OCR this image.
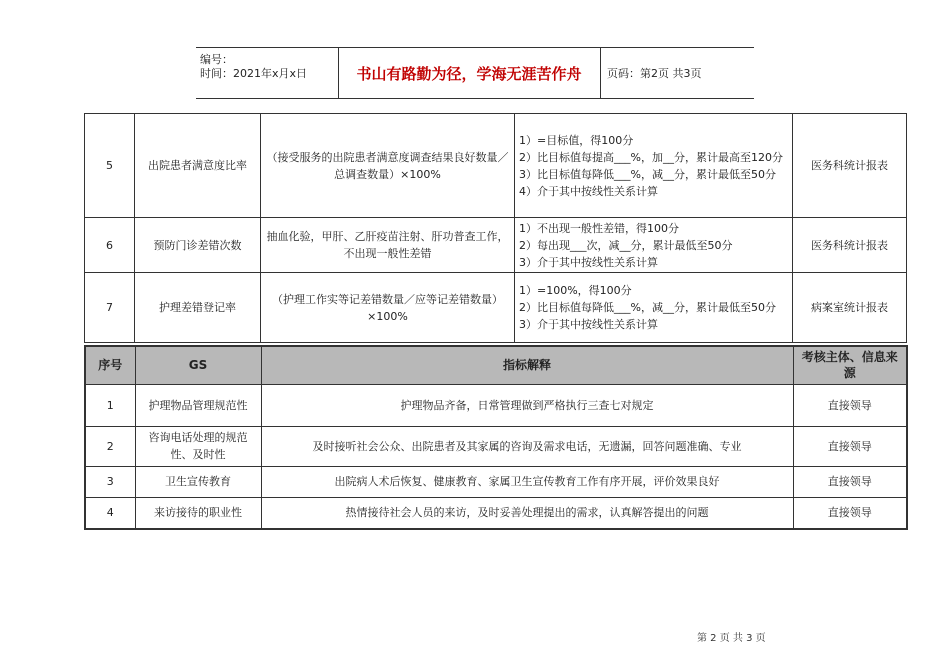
编号：
时间：2021年x月x日	书山有路勤为径，学海无涯苦作舟	页码：第2页 共3页
5	出院患者满意度比率	（接受服务的出院患者满意度调查结果良好数量／总调查数量）×100%	1）=目标值，得100分
2）比目标值每提高___%，加__分，累计最高至120分
3）比目标值每降低___%，减__分，累计最低至50分
4）介于其中按线性关系计算	医务科统计报表
6	预防门诊差错次数	抽血化验，甲肝、乙肝疫苗注射、肝功普查工作，不出现一般性差错	1）不出现一般性差错，得100分
2）每出现___次，减__分，累计最低至50分
3）介于其中按线性关系计算	医务科统计报表
7	护理差错登记率	（护理工作实等记差错数量／应等记差错数量）×100%	1）=100%，得100分
2）比目标值每降低___%，减__分，累计最低至50分
3）介于其中按线性关系计算	病案室统计报表
序号	GS	指标解释	考核主体、信息来源
1	护理物品管理规范性	护理物品齐备，日常管理做到严格执行三查七对规定	直接领导
2	咨询电话处理的规范性、及时性	及时接听社会公众、出院患者及其家属的咨询及需求电话，无遗漏，回答问题准确、专业	直接领导
3	卫生宣传教育	出院病人术后恢复、健康教育、家属卫生宣传教育工作有序开展，评价效果良好	直接领导
4	来访接待的职业性	热情接待社会人员的来访，及时妥善处理提出的需求，认真解答提出的问题	直接领导
第 2 页 共 3 页
